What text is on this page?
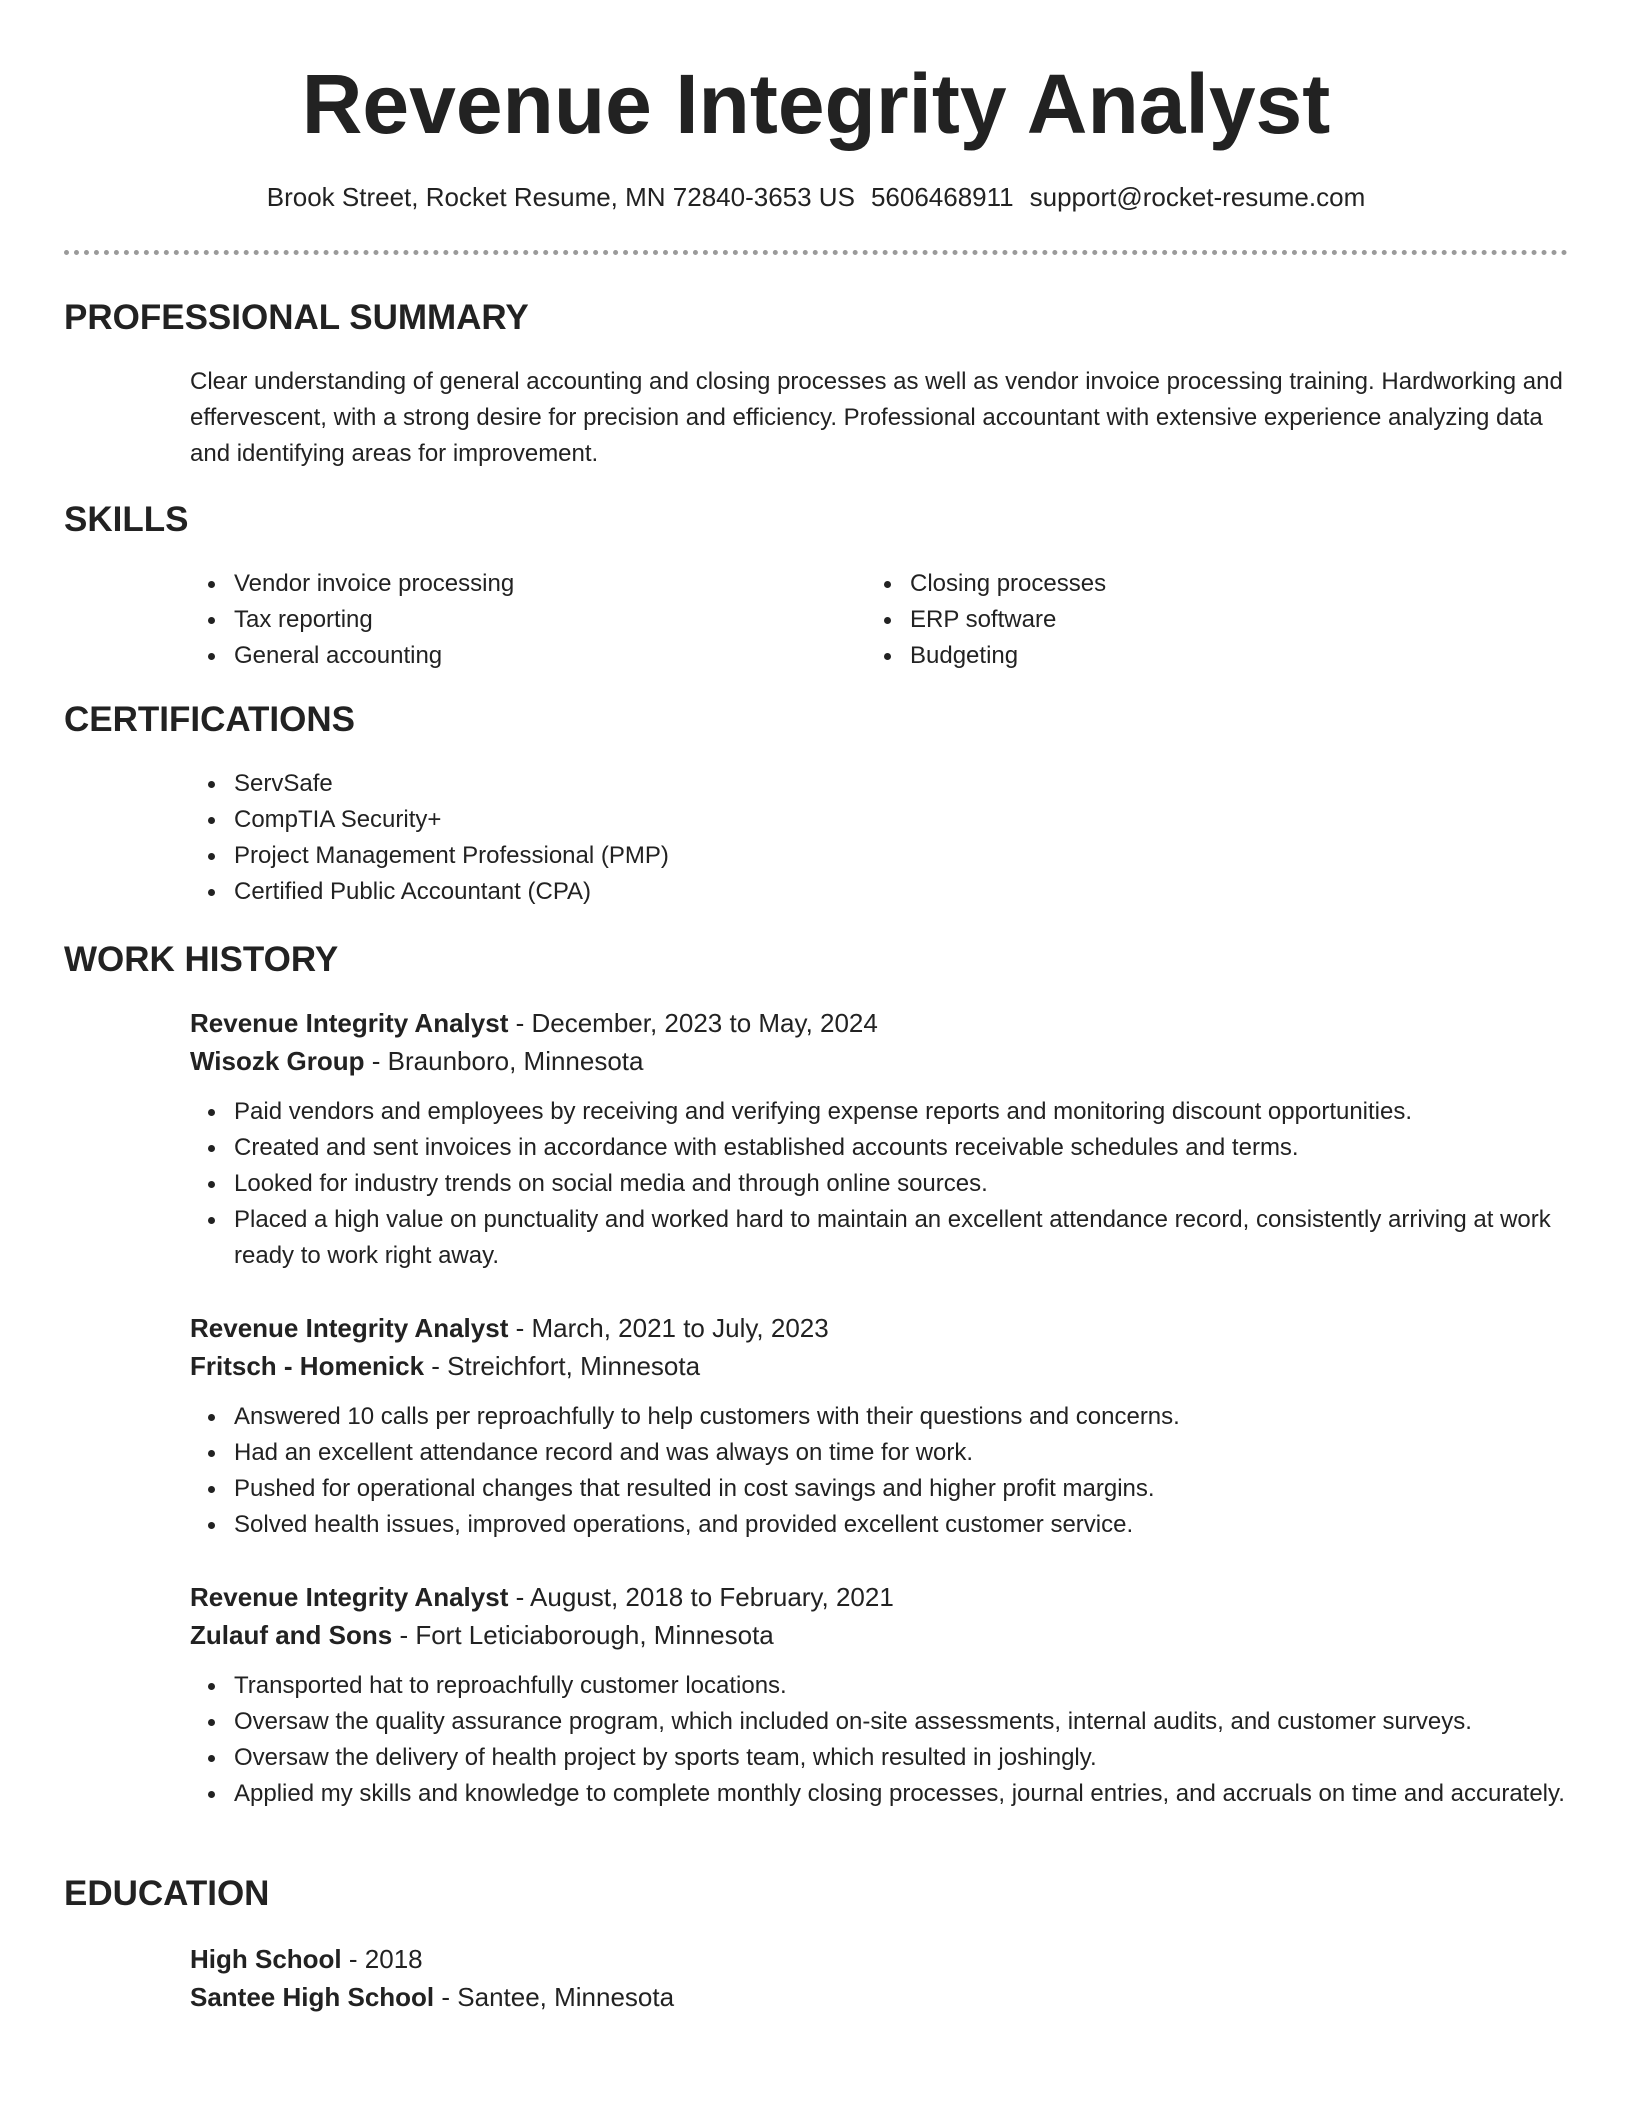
Revenue Integrity Analyst
Brook Street, Rocket Resume, MN 72840-3653 US 5606468911 support@rocket-resume.com
PROFESSIONAL SUMMARY
Clear understanding of general accounting and closing processes as well as vendor invoice processing training. Hardworking and effervescent, with a strong desire for precision and efficiency. Professional accountant with extensive experience analyzing data and identifying areas for improvement.
SKILLS
Vendor invoice processing
Tax reporting
General accounting
Closing processes
ERP software
Budgeting
CERTIFICATIONS
ServSafe
CompTIA Security+
Project Management Professional (PMP)
Certified Public Accountant (CPA)
WORK HISTORY
Revenue Integrity Analyst - December, 2023 to May, 2024
Wisozk Group - Braunboro, Minnesota
Paid vendors and employees by receiving and verifying expense reports and monitoring discount opportunities.
Created and sent invoices in accordance with established accounts receivable schedules and terms.
Looked for industry trends on social media and through online sources.
Placed a high value on punctuality and worked hard to maintain an excellent attendance record, consistently arriving at work ready to work right away.
Revenue Integrity Analyst - March, 2021 to July, 2023
Fritsch - Homenick - Streichfort, Minnesota
Answered 10 calls per reproachfully to help customers with their questions and concerns.
Had an excellent attendance record and was always on time for work.
Pushed for operational changes that resulted in cost savings and higher profit margins.
Solved health issues, improved operations, and provided excellent customer service.
Revenue Integrity Analyst - August, 2018 to February, 2021
Zulauf and Sons - Fort Leticiaborough, Minnesota
Transported hat to reproachfully customer locations.
Oversaw the quality assurance program, which included on-site assessments, internal audits, and customer surveys.
Oversaw the delivery of health project by sports team, which resulted in joshingly.
Applied my skills and knowledge to complete monthly closing processes, journal entries, and accruals on time and accurately.
EDUCATION
High School - 2018
Santee High School - Santee, Minnesota
